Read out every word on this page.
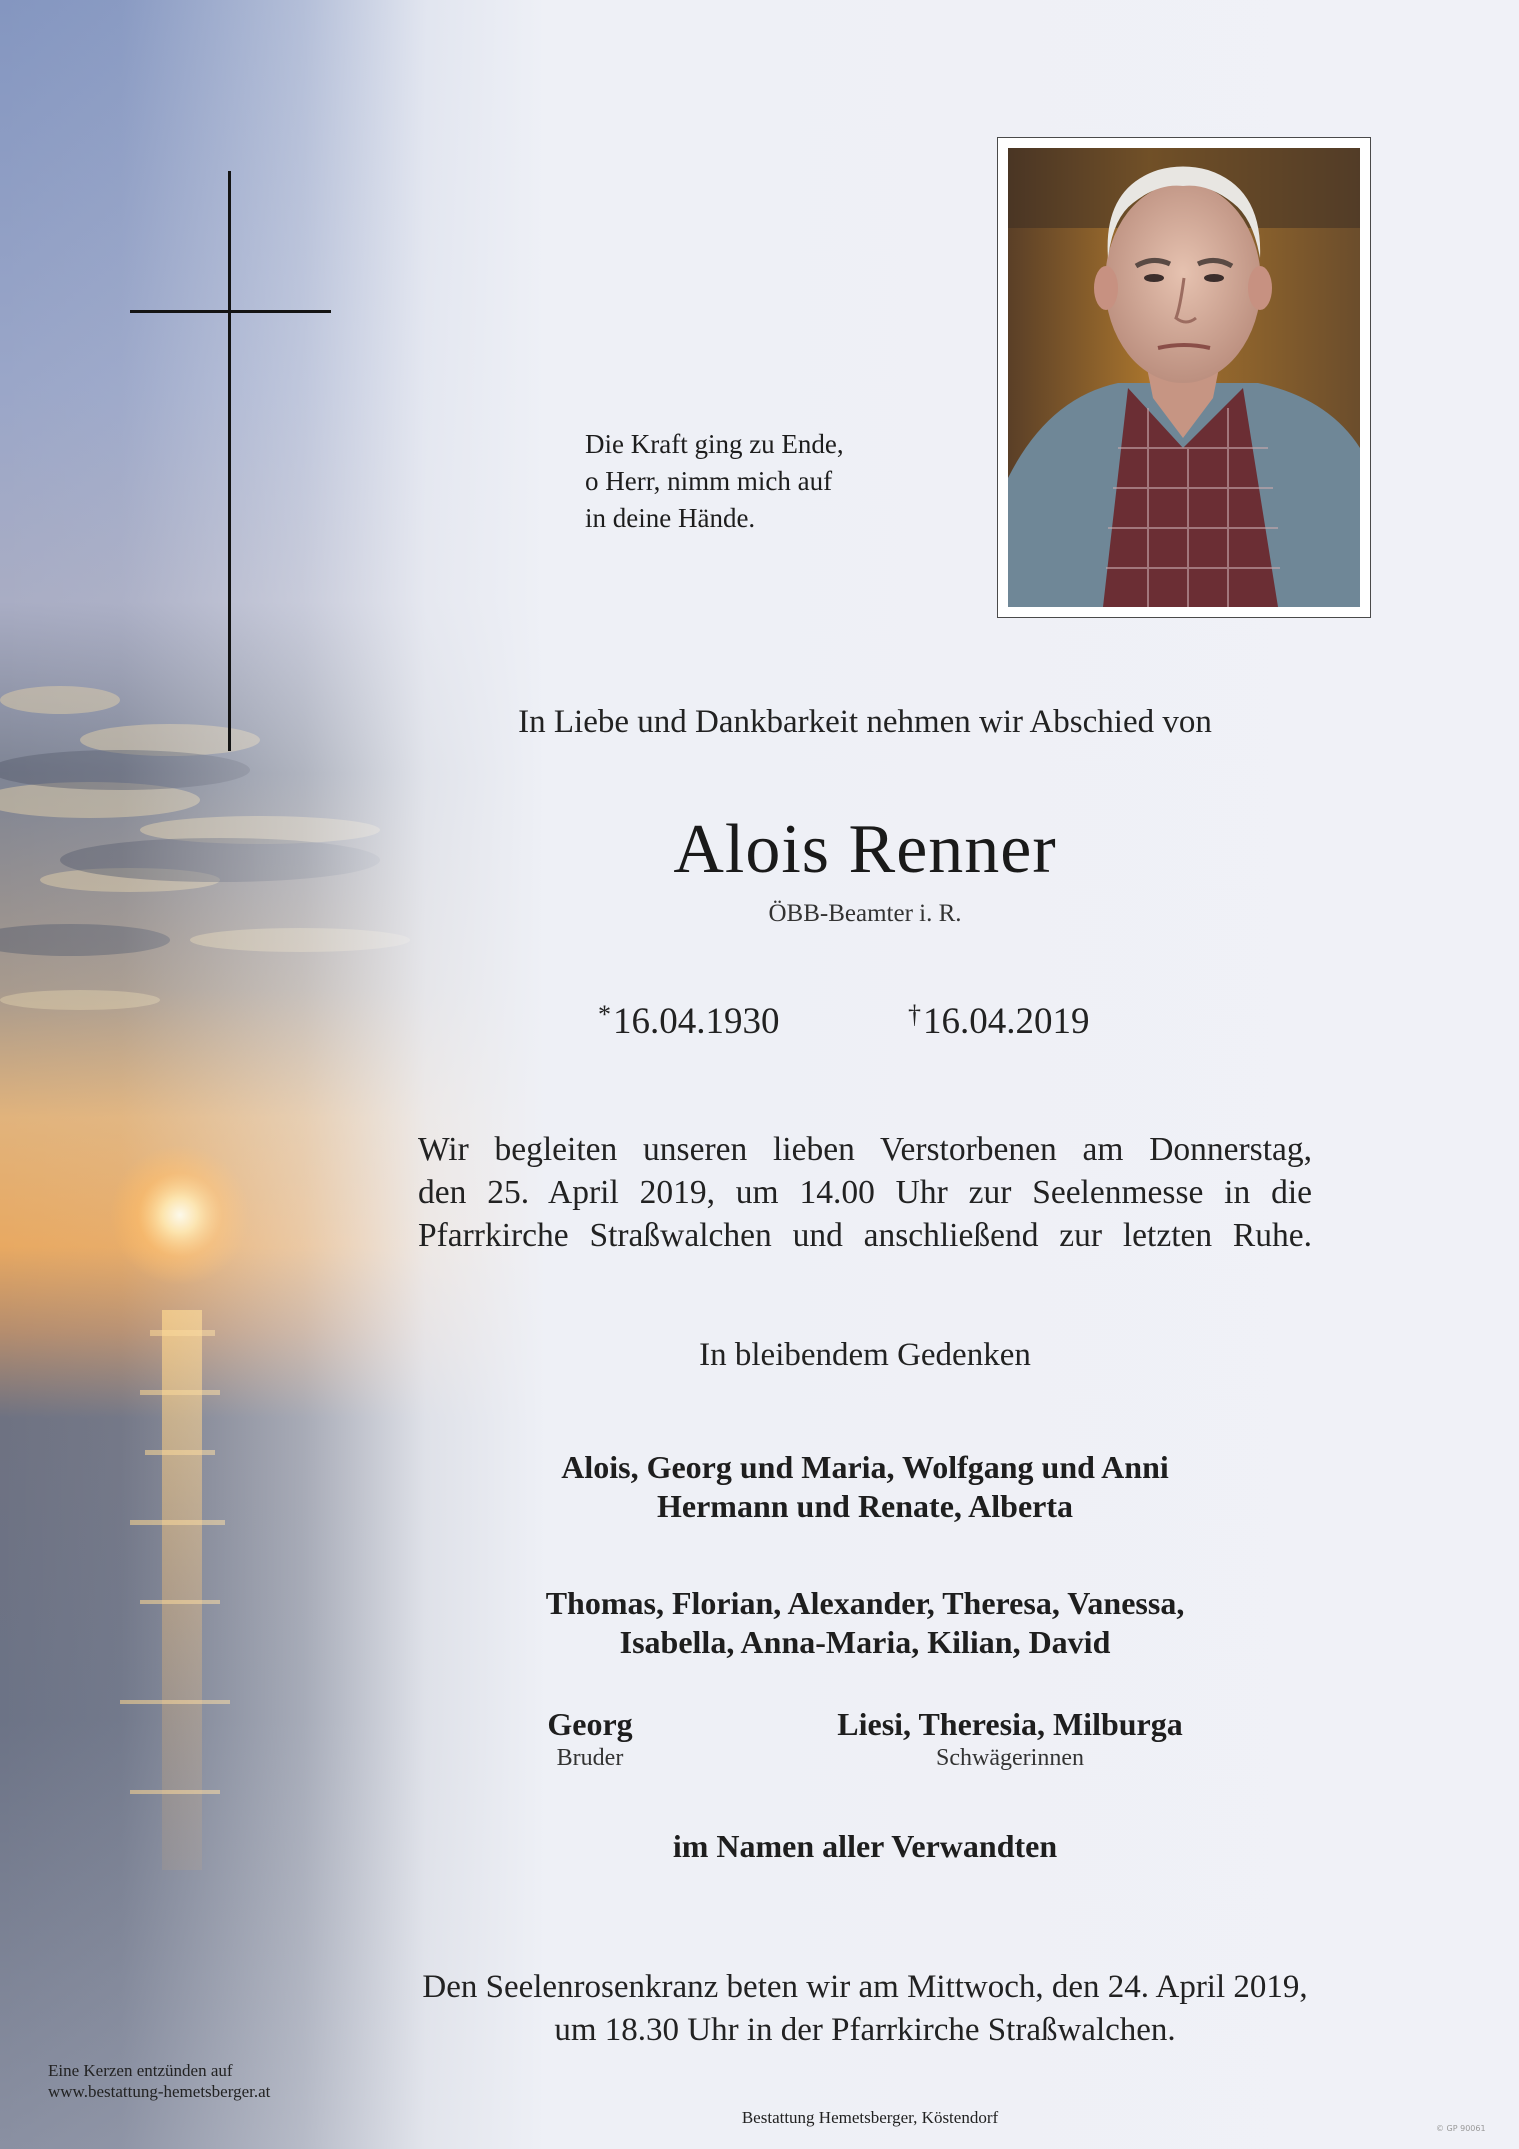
Die Kraft ging zu Ende,
o Herr, nimm mich auf
in deine Hände.
In Liebe und Dankbarkeit nehmen wir Abschied von
Alois Renner
ÖBB-Beamter i. R.
*16.04.1930	†16.04.2019
Wir begleiten unseren lieben Verstorbenen am Donnerstag,
den 25. April 2019, um 14.00 Uhr zur Seelenmesse in die
Pfarrkirche Straßwalchen und anschließend zur letzten Ruhe.
In bleibendem Gedenken
Alois, Georg und Maria, Wolfgang und Anni
Hermann und Renate, Alberta
Thomas, Florian, Alexander, Theresa, Vanessa,
Isabella, Anna-Maria, Kilian, David
Georg
Bruder
Liesi, Theresia, Milburga
Schwägerinnen
im Namen aller Verwandten
Den Seelenrosenkranz beten wir am Mittwoch, den 24. April 2019,
um 18.30 Uhr in der Pfarrkirche Straßwalchen.
Eine Kerzen entzünden auf
www.bestattung-hemetsberger.at
Bestattung Hemetsberger, Köstendorf
© GP 90061
